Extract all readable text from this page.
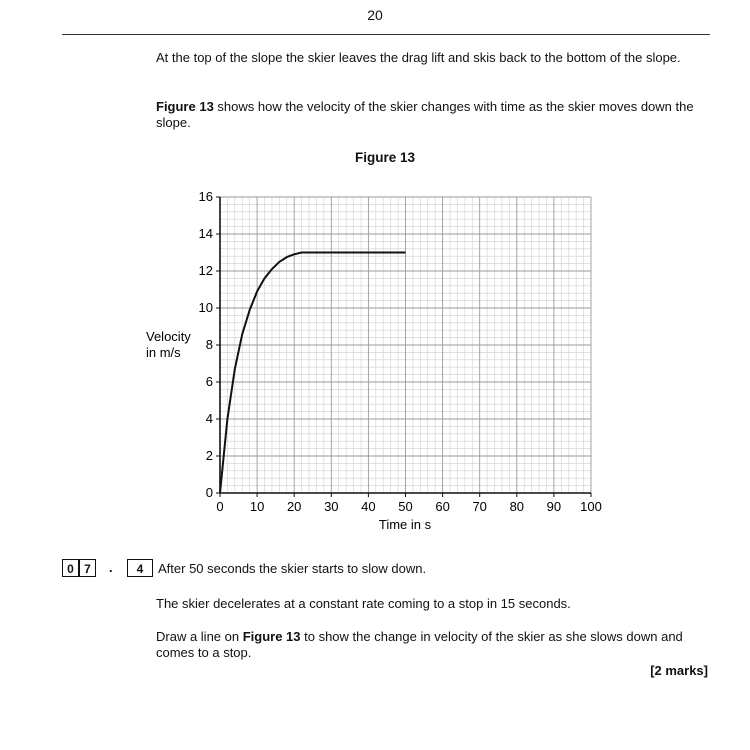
20

At the top of the slope the skier leaves the drag lift and skis back to the bottom of the slope.

Figure 13 shows how the velocity of the skier changes with time as the skier moves down the slope.

Figure 13
0 10 20 30 40 50 60 70 80 90 100
0
2
4
6
8
10
12
14
16
Time in s
Velocity
in m/s
0 7	.	4	After 50 seconds the skier starts to slow down.

The skier decelerates at a constant rate coming to a stop in 15 seconds.

Draw a line on Figure 13 to show the change in velocity of the skier as she slows down and comes to a stop.

[2 marks]
